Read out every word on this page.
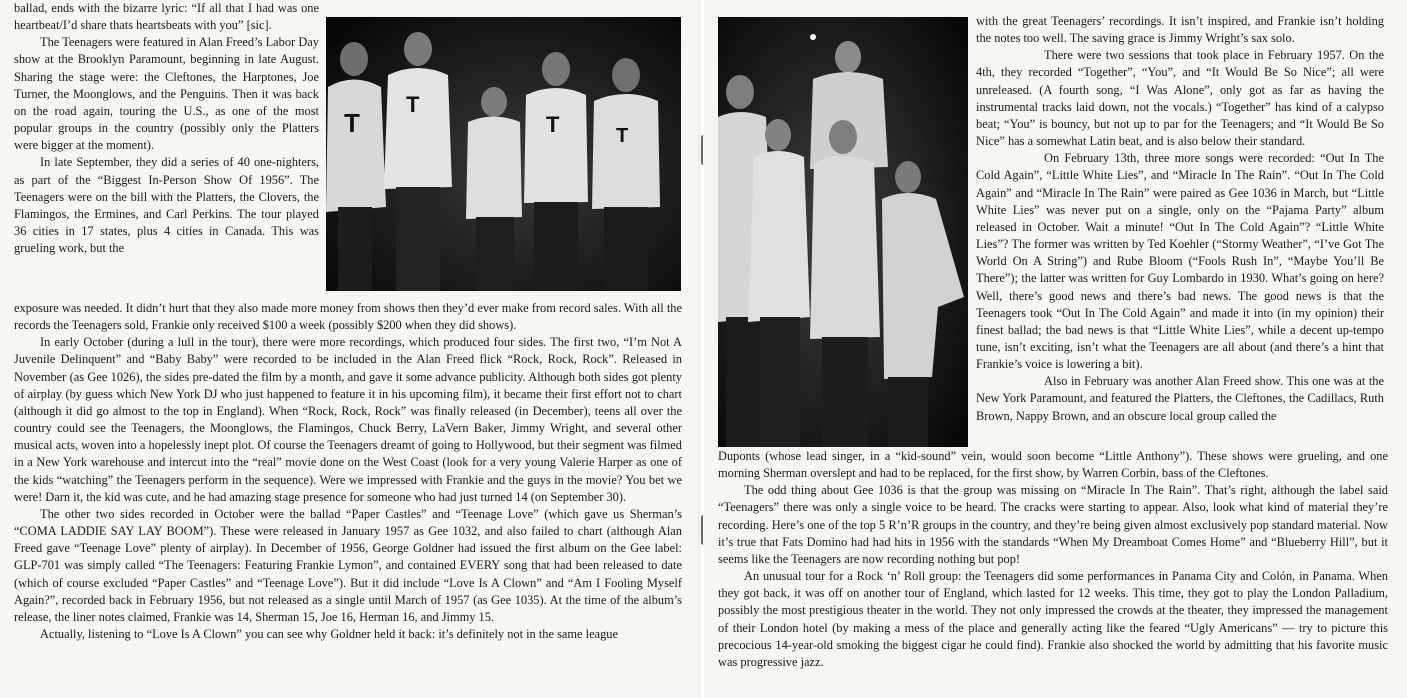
ballad, ends with the bizarre lyric: “If all that I had was one heartbeat/I’d share thats heartsbeats with you” [sic].

The Teenagers were featured in Alan Freed’s Labor Day show at the Brooklyn Paramount, beginning in late August. Sharing the stage were: the Cleftones, the Harptones, Joe Turner, the Moonglows, and the Penguins. Then it was back on the road again, touring the U.S., as one of the most popular groups in the country (possibly only the Platters were bigger at the moment).

In late September, they did a series of 40 one-nighters, as part of the “Biggest In-Person Show Of 1956”. The Teenagers were on the bill with the Platters, the Clovers, the Flamingos, the Ermines, and Carl Perkins. The tour played 36 cities in 17 states, plus 4 cities in Canada. This was grueling work, but the

T
T
T	T

exposure was needed. It didn’t hurt that they also made more money from shows then they’d ever make from record sales. With all the records the Teenagers sold, Frankie only received $100 a week (possibly $200 when they did shows).

In early October (during a lull in the tour), there were more recordings, which produced four sides. The first two, “I’m Not A Juvenile Delinquent” and “Baby Baby” were recorded to be included in the Alan Freed flick “Rock, Rock, Rock”. Released in November (as Gee 1026), the sides pre-dated the film by a month, and gave it some advance publicity. Although both sides got plenty of airplay (by guess which New York DJ who just happened to feature it in his upcoming film), it became their first effort not to chart (although it did go almost to the top in England). When “Rock, Rock, Rock” was finally released (in December), teens all over the country could see the Teenagers, the Moonglows, the Flamingos, Chuck Berry, LaVern Baker, Jimmy Wright, and several other musical acts, woven into a hopelessly inept plot. Of course the Teenagers dreamt of going to Hollywood, but their segment was filmed in a New York warehouse and intercut into the “real” movie done on the West Coast (look for a very young Valerie Harper as one of the kids “watching” the Teenagers perform in the sequence). Were we impressed with Frankie and the guys in the movie? You bet we were! Darn it, the kid was cute, and he had amazing stage presence for someone who had just turned 14 (on September 30).

The other two sides recorded in October were the ballad “Paper Castles” and “Teenage Love” (which gave us Sherman’s “COMA LADDIE SAY LAY BOOM”). These were released in January 1957 as Gee 1032, and also failed to chart (although Alan Freed gave “Teenage Love” plenty of airplay). In December of 1956, George Goldner had issued the first album on the Gee label: GLP-701 was simply called “The Teenagers: Featuring Frankie Lymon”, and contained EVERY song that had been released to date (which of course excluded “Paper Castles” and “Teenage Love”). But it did include “Love Is A Clown” and “Am I Fooling Myself Again?”, recorded back in February 1956, but not released as a single until March of 1957 (as Gee 1035). At the time of the album’s release, the liner notes claimed, Frankie was 14, Sherman 15, Joe 16, Herman 16, and Jimmy 15.

Actually, listening to “Love Is A Clown” you can see why Goldner held it back: it’s definitely not in the same league

with the great Teenagers’ recordings. It isn’t inspired, and Frankie isn’t holding the notes too well. The saving grace is Jimmy Wright’s sax solo.

There were two sessions that took place in February 1957. On the 4th, they recorded “Together”, “You”, and “It Would Be So Nice”; all were unreleased. (A fourth song, “I Was Alone”, only got as far as having the instrumental tracks laid down, not the vocals.) “Together” has kind of a calypso beat; “You” is bouncy, but not up to par for the Teenagers; and “It Would Be So Nice” has a somewhat Latin beat, and is also below their standard.

On February 13th, three more songs were recorded: “Out In The Cold Again”, “Little White Lies”, and “Miracle In The Rain”. “Out In The Cold Again” and “Miracle In The Rain” were paired as Gee 1036 in March, but “Little White Lies” was never put on a single, only on the “Pajama Party” album released in October. Wait a minute! “Out In The Cold Again”? “Little White Lies”? The former was written by Ted Koehler (“Stormy Weather”, “I’ve Got The World On A String”) and Rube Bloom (“Fools Rush In”, “Maybe You’ll Be There”); the latter was written for Guy Lombardo in 1930. What’s going on here? Well, there’s good news and there’s bad news. The good news is that the Teenagers took “Out In The Cold Again” and made it into (in my opinion) their finest ballad; the bad news is that “Little White Lies”, while a decent up-tempo tune, isn’t exciting, isn’t what the Teenagers are all about (and there’s a hint that Frankie’s voice is lowering a bit).

Also in February was another Alan Freed show. This one was at the New York Paramount, and featured the Platters, the Cleftones, the Cadillacs, Ruth Brown, Nappy Brown, and an obscure local group called the

Duponts (whose lead singer, in a “kid-sound” vein, would soon become “Little Anthony”). These shows were grueling, and one morning Sherman overslept and had to be replaced, for the first show, by Warren Corbin, bass of the Cleftones.

The odd thing about Gee 1036 is that the group was missing on “Miracle In The Rain”. That’s right, although the label said “Teenagers” there was only a single voice to be heard. The cracks were starting to appear. Also, look what kind of material they’re recording. Here’s one of the top 5 R’n’R groups in the country, and they’re being given almost exclusively pop standard material. Now it’s true that Fats Domino had had hits in 1956 with the standards “When My Dreamboat Comes Home” and “Blueberry Hill”, but it seems like the Teenagers are now recording nothing but pop!

An unusual tour for a Rock ‘n’ Roll group: the Teenagers did some performances in Panama City and Colón, in Panama. When they got back, it was off on another tour of England, which lasted for 12 weeks. This time, they got to play the London Palladium, possibly the most prestigious theater in the world. They not only impressed the crowds at the theater, they impressed the management of their London hotel (by making a mess of the place and generally acting like the feared “Ugly Americans” — try to picture this precocious 14-year-old smoking the biggest cigar he could find). Frankie also shocked the world by admitting that his favorite music was progressive jazz.
